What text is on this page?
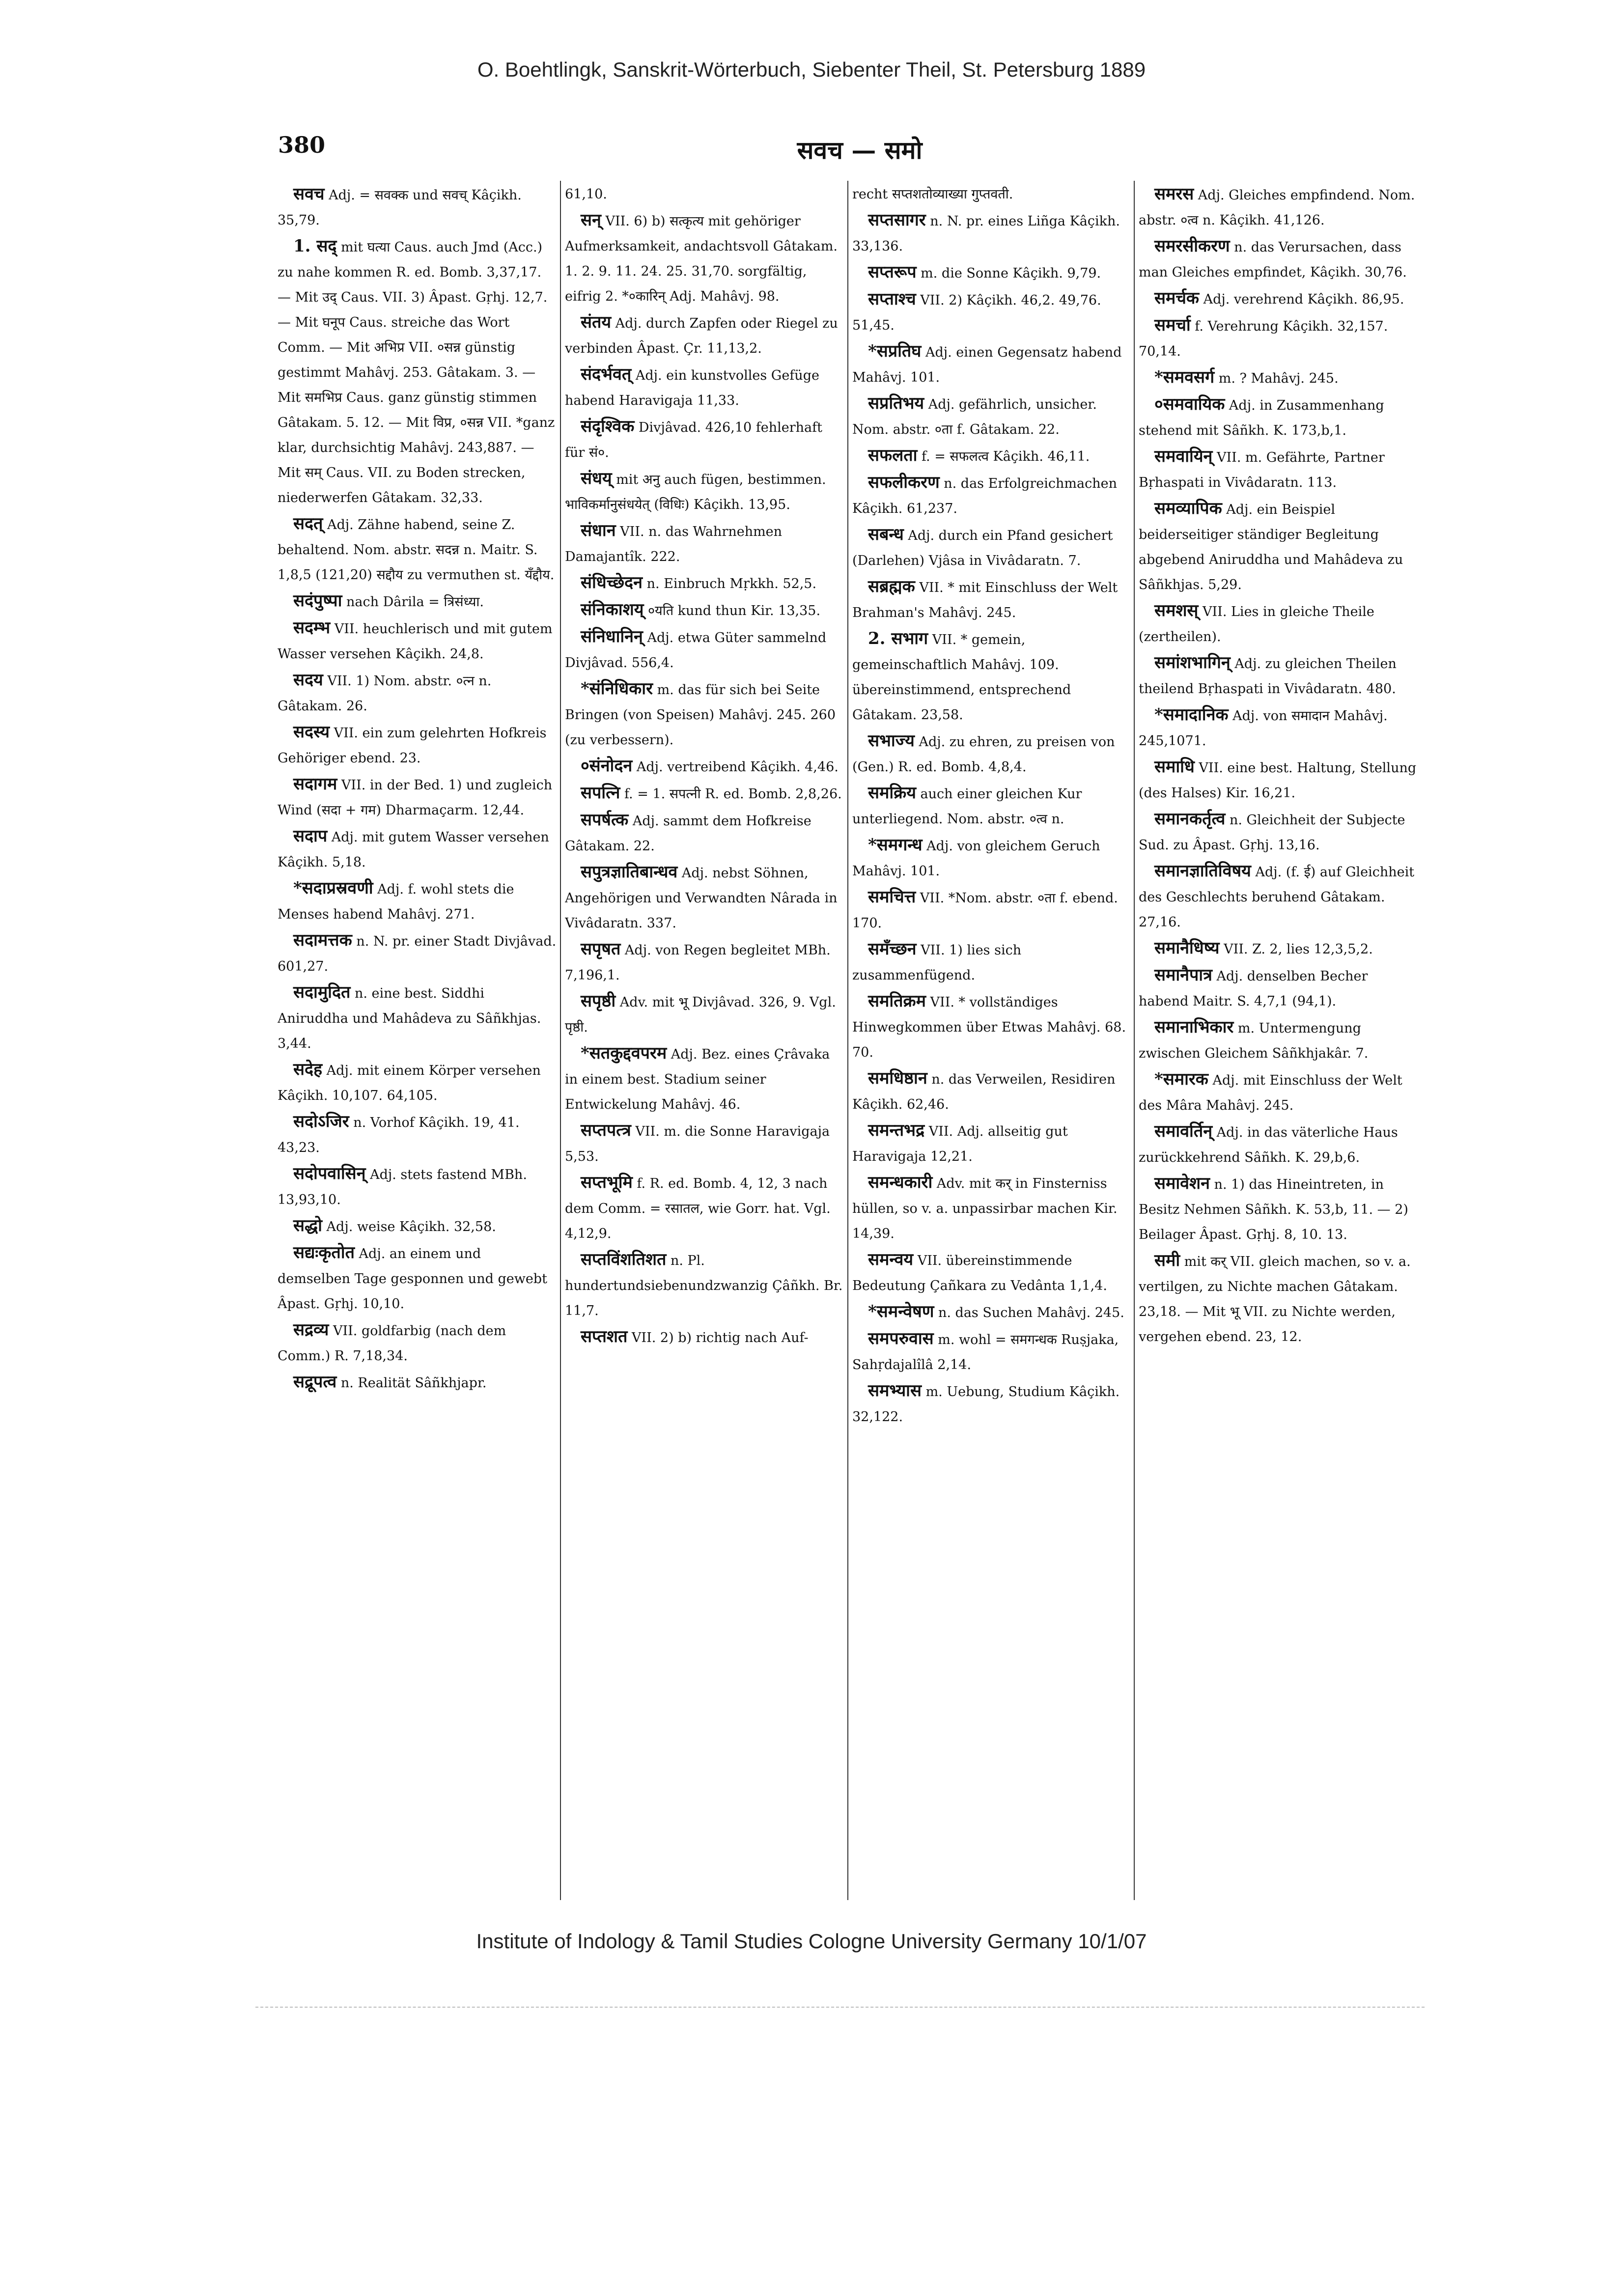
O. Boehtlingk, Sanskrit-Wörterbuch, Siebenter Theil, St. Petersburg 1889
380	सवच — समो
सवच Adj. = सवक्क und सवच् Kâçikh. 35,79.
1. सद् mit घत्या Caus. auch Jmd (Acc.) zu nahe kommen R. ed. Bomb. 3,37,17. — Mit उद् Caus. VII. 3) Âpast. Gṛhj. 12,7. — Mit घनूप Caus. streiche das Wort Comm. — Mit अभिप्र VII. ०सन्न günstig gestimmt Mahâvj. 253. Gâtakam. 3. — Mit समभिप्र Caus. ganz günstig stimmen Gâtakam. 5. 12. — Mit विप्र, ०सन्न VII. *ganz klar, durchsichtig Mahâvj. 243,887. — Mit सम् Caus. VII. zu Boden strecken, niederwerfen Gâtakam. 32,33.
सदत् Adj. Zähne habend, seine Z. behaltend. Nom. abstr. सदन्न n. Maitr. S. 1,8,5 (121,20) सद्दौय zu vermuthen st. यँद्दौय.
सदंपुष्पा nach Dârila = त्रिसंध्या.
सदम्भ VII. heuchlerisch und mit gutem Wasser versehen Kâçikh. 24,8.
सदय VII. 1) Nom. abstr. ०त्न n. Gâtakam. 26.
सदस्य VII. ein zum gelehrten Hofkreis Gehöriger ebend. 23.
सदागम VII. in der Bed. 1) und zugleich Wind (सदा + गम) Dharmaçarm. 12,44.
सदाप Adj. mit gutem Wasser versehen Kâçikh. 5,18.
*सदाप्रस्रवणी Adj. f. wohl stets die Menses habend Mahâvj. 271.
सदामत्तक n. N. pr. einer Stadt Divjâvad. 601,27.
सदामुदित n. eine best. Siddhi Aniruddha und Mahâdeva zu Sâñkhjas. 3,44.
सदेह Adj. mit einem Körper versehen Kâçikh. 10,107. 64,105.
सदोऽजिर n. Vorhof Kâçikh. 19, 41. 43,23.
सदोपवासिन् Adj. stets fastend MBh. 13,93,10.
सद्धो Adj. weise Kâçikh. 32,58.
सद्यःकृतोत Adj. an einem und demselben Tage gesponnen und gewebt Âpast. Gṛhj. 10,10.
सद्रव्य VII. goldfarbig (nach dem Comm.) R. 7,18,34.
सद्रूपत्व n. Realität Sâñkhjapr.
61,10.
सन् VII. 6) b) सत्कृत्य mit gehöriger Aufmerksamkeit, andachtsvoll Gâtakam. 1. 2. 9. 11. 24. 25. 31,70. sorgfältig, eifrig 2. *०कारिन् Adj. Mahâvj. 98.
संतय Adj. durch Zapfen oder Riegel zu verbinden Âpast. Çr. 11,13,2.
संदर्भवत् Adj. ein kunstvolles Gefüge habend Haravigaja 11,33.
संदृश्विक Divjâvad. 426,10 fehlerhaft für सं०.
संधय् mit अनु auch fügen, bestimmen. भाविकर्मानुसंधयेत् (विधिः) Kâçikh. 13,95.
संधान VII. n. das Wahrnehmen Damajantîk. 222.
संधिच्छेदन n. Einbruch Mṛkkh. 52,5.
संनिकाशय् ०यति kund thun Kir. 13,35.
संनिधानिन् Adj. etwa Güter sammelnd Divjâvad. 556,4.
*संनिधिकार m. das für sich bei Seite Bringen (von Speisen) Mahâvj. 245. 260 (zu verbessern).
०संनोदन Adj. vertreibend Kâçikh. 4,46.
सपत्नि f. = 1. सपत्नी R. ed. Bomb. 2,8,26.
सपर्षत्क Adj. sammt dem Hofkreise Gâtakam. 22.
सपुत्रज्ञातिबान्धव Adj. nebst Söhnen, Angehörigen und Verwandten Nârada in Vivâdaratn. 337.
सपृषत Adj. von Regen begleitet MBh. 7,196,1.
सपृष्ठी Adv. mit भू Divjâvad. 326, 9. Vgl. पृष्ठी.
*सतकुद्दवपरम Adj. Bez. eines Çrâvaka in einem best. Stadium seiner Entwickelung Mahâvj. 46.
सप्तपत्त्र VII. m. die Sonne Haravigaja 5,53.
सप्तभूमि f. R. ed. Bomb. 4, 12, 3 nach dem Comm. = रसातल, wie Gorr. hat. Vgl. 4,12,9.
सप्तविंशतिशत n. Pl. hundertundsiebenundzwanzig Çâñkh. Br. 11,7.
सप्तशत VII. 2) b) richtig nach Auf-
recht सप्तशतोव्याख्या गुप्तवती.
सप्तसागर n. N. pr. eines Liñga Kâçikh. 33,136.
सप्तरूप m. die Sonne Kâçikh. 9,79.
सप्ताश्च VII. 2) Kâçikh. 46,2. 49,76. 51,45.
*सप्रतिघ Adj. einen Gegensatz habend Mahâvj. 101.
सप्रतिभय Adj. gefährlich, unsicher. Nom. abstr. ०ता f. Gâtakam. 22.
सफलता f. = सफलत्व Kâçikh. 46,11.
सफलीकरण n. das Erfolgreichmachen Kâçikh. 61,237.
सबन्ध Adj. durch ein Pfand gesichert (Darlehen) Vjâsa in Vivâdaratn. 7.
सब्रह्मक VII. * mit Einschluss der Welt Brahman's Mahâvj. 245.
2. सभाग VII. * gemein, gemeinschaftlich Mahâvj. 109. übereinstimmend, entsprechend Gâtakam. 23,58.
सभाज्य Adj. zu ehren, zu preisen von (Gen.) R. ed. Bomb. 4,8,4.
समक्रिय auch einer gleichen Kur unterliegend. Nom. abstr. ०त्व n.
*समगन्ध Adj. von gleichem Geruch Mahâvj. 101.
समचित्त VII. *Nom. abstr. ०ता f. ebend. 170.
समँच्छन VII. 1) lies sich zusammenfügend.
समतिक्रम VII. * vollständiges Hinwegkommen über Etwas Mahâvj. 68. 70.
समधिष्ठान n. das Verweilen, Residiren Kâçikh. 62,46.
समन्तभद्र VII. Adj. allseitig gut Haravigaja 12,21.
समन्धकारी Adv. mit कर् in Finsterniss hüllen, so v. a. unpassirbar machen Kir. 14,39.
समन्वय VII. übereinstimmende Bedeutung Çañkara zu Vedânta 1,1,4.
*समन्वेषण n. das Suchen Mahâvj. 245.
समपरुवास m. wohl = समगन्धक Ruṣjaka, Sahṛdajalîlâ 2,14.
समभ्यास m. Uebung, Studium Kâçikh. 32,122.
समरस Adj. Gleiches empfindend. Nom. abstr. ०त्व n. Kâçikh. 41,126.
समरसीकरण n. das Verursachen, dass man Gleiches empfindet, Kâçikh. 30,76.
समर्चक Adj. verehrend Kâçikh. 86,95.
समर्चा f. Verehrung Kâçikh. 32,157. 70,14.
*समवसर्ग m. ? Mahâvj. 245.
०समवायिक Adj. in Zusammenhang stehend mit Sâñkh. K. 173,b,1.
समवायिन् VII. m. Gefährte, Partner Bṛhaspati in Vivâdaratn. 113.
समव्यापिक Adj. ein Beispiel beiderseitiger ständiger Begleitung abgebend Aniruddha und Mahâdeva zu Sâñkhjas. 5,29.
समशस् VII. Lies in gleiche Theile (zertheilen).
समांशभागिन् Adj. zu gleichen Theilen theilend Bṛhaspati in Vivâdaratn. 480.
*समादानिक Adj. von समादान Mahâvj. 245,1071.
समाधि VII. eine best. Haltung, Stellung (des Halses) Kir. 16,21.
समानकर्तृत्व n. Gleichheit der Subjecte Sud. zu Âpast. Gṛhj. 13,16.
समानज्ञातिविषय Adj. (f. ई) auf Gleichheit des Geschlechts beruhend Gâtakam. 27,16.
समानैधिष्य VII. Z. 2, lies 12,3,5,2.
समानैपात्र Adj. denselben Becher habend Maitr. S. 4,7,1 (94,1).
समानाभिकार m. Untermengung zwischen Gleichem Sâñkhjakâr. 7.
*समारक Adj. mit Einschluss der Welt des Mâra Mahâvj. 245.
समावर्तिन् Adj. in das väterliche Haus zurückkehrend Sâñkh. K. 29,b,6.
समावेशन n. 1) das Hineintreten, in Besitz Nehmen Sâñkh. K. 53,b, 11. — 2) Beilager Âpast. Gṛhj. 8, 10. 13.
समी mit कर् VII. gleich machen, so v. a. vertilgen, zu Nichte machen Gâtakam. 23,18. — Mit भू VII. zu Nichte werden, vergehen ebend. 23, 12.
Institute of Indology & Tamil Studies Cologne University Germany 10/1/07
